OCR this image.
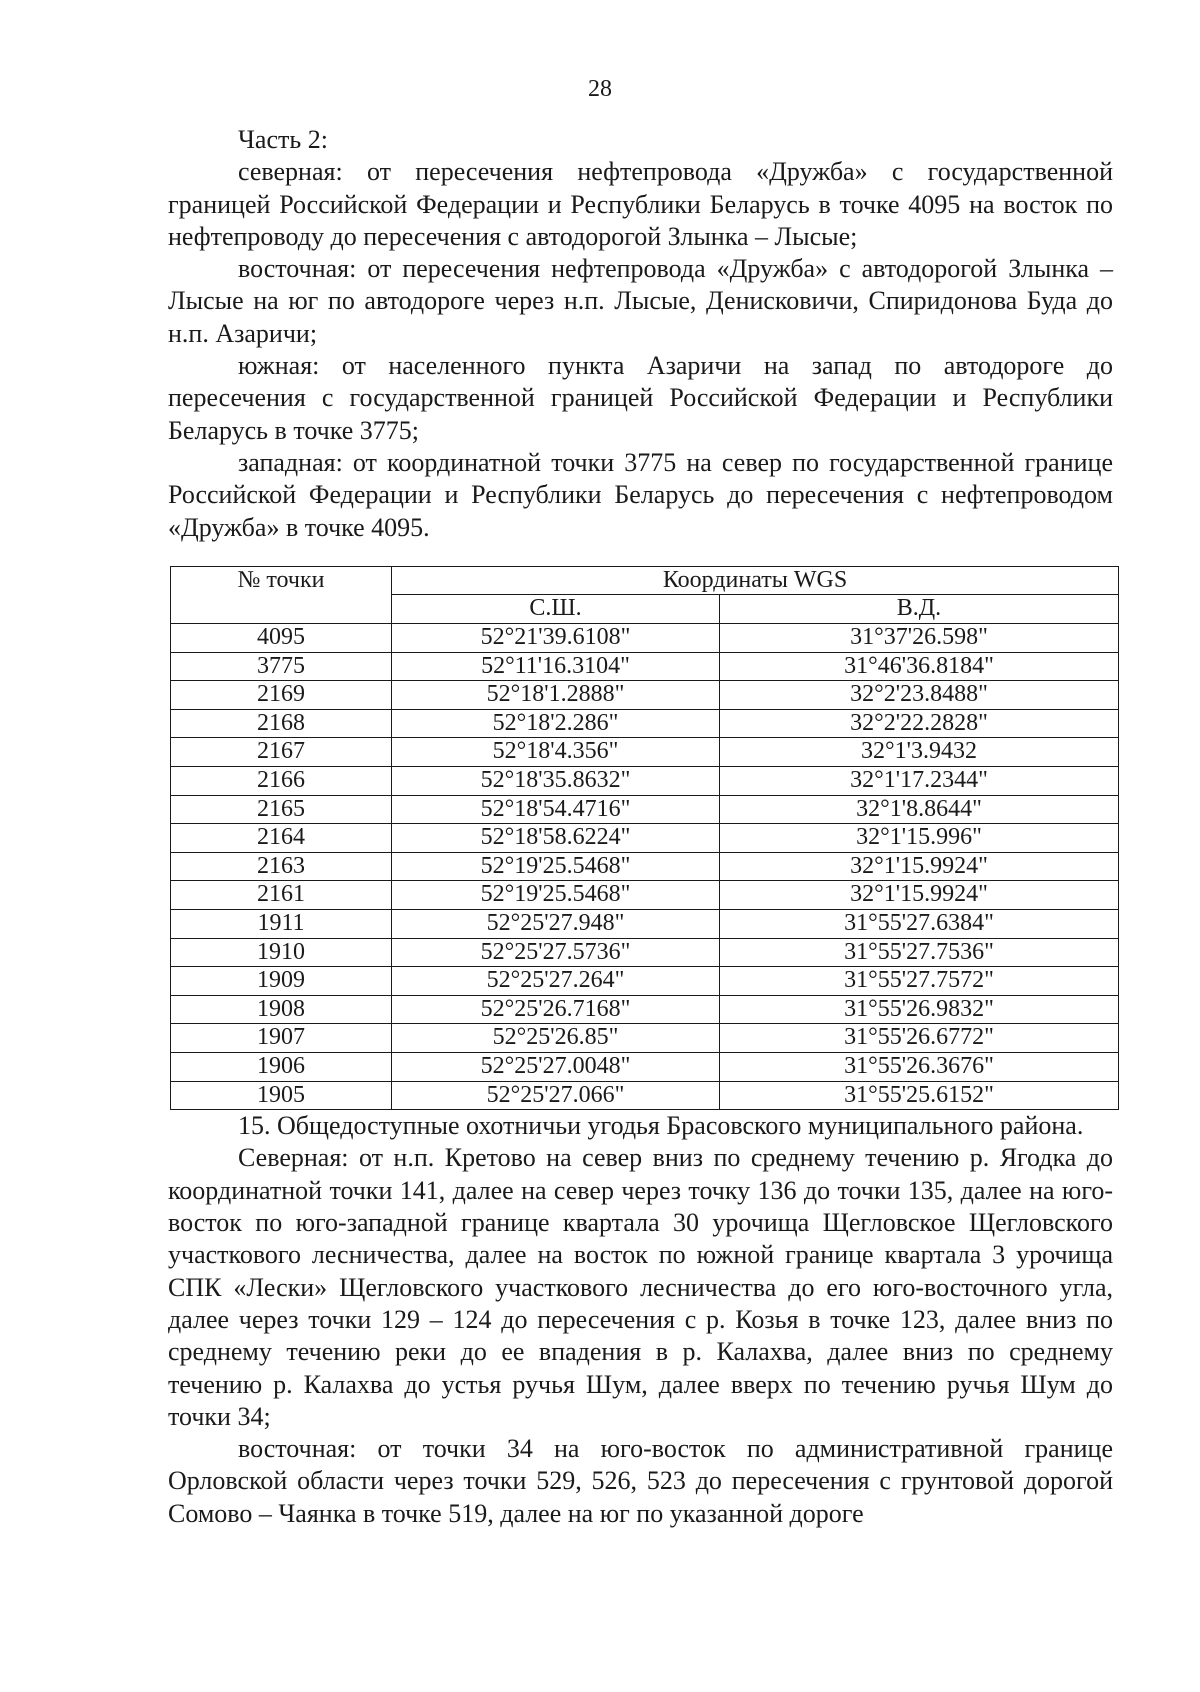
28

Часть 2:

северная: от пересечения нефтепровода «Дружба» с государственной границей Российской Федерации и Республики Беларусь в точке 4095 на восток по нефтепроводу до пересечения с автодорогой Злынка – Лысые;

восточная: от пересечения нефтепровода «Дружба» с автодорогой Злынка – Лысые на юг по автодороге через н.п. Лысые, Денисковичи, Спиридонова Буда до н.п. Азаричи;

южная: от населенного пункта Азаричи на запад по автодороге до пересечения с государственной границей Российской Федерации и Республики Беларусь в точке 3775;

западная: от координатной точки 3775 на север по государственной границе Российской Федерации и Республики Беларусь до пересечения с нефтепроводом «Дружба» в точке 4095.

№ точки	Координаты WGS	
	С.Ш.	В.Д.
4095	52°21'39.6108"	31°37'26.598"
3775	52°11'16.3104"	31°46'36.8184"
2169	52°18'1.2888"	32°2'23.8488"
2168	52°18'2.286"	32°2'22.2828"
2167	52°18'4.356"	32°1'3.9432
2166	52°18'35.8632"	32°1'17.2344"
2165	52°18'54.4716"	32°1'8.8644"
2164	52°18'58.6224"	32°1'15.996"
2163	52°19'25.5468"	32°1'15.9924"
2161	52°19'25.5468"	32°1'15.9924"
1911	52°25'27.948"	31°55'27.6384"
1910	52°25'27.5736"	31°55'27.7536"
1909	52°25'27.264"	31°55'27.7572"
1908	52°25'26.7168"	31°55'26.9832"
1907	52°25'26.85"	31°55'26.6772"
1906	52°25'27.0048"	31°55'26.3676"
1905	52°25'27.066"	31°55'25.6152"

15. Общедоступные охотничьи угодья Брасовского муниципального района.

Северная: от н.п. Кретово на север вниз по среднему течению р. Ягодка до координатной точки 141, далее на север через точку 136 до точки 135, далее на юго-восток по юго-западной границе квартала 30 урочища Щегловское Щегловского участкового лесничества, далее на восток по южной границе квартала 3 урочища СПК «Лески» Щегловского участкового лесничества до его юго-восточного угла, далее через точки 129 – 124 до пересечения с р. Козья в точке 123, далее вниз по среднему течению реки до ее впадения в р. Калахва, далее вниз по среднему течению р. Калахва до устья ручья Шум, далее вверх по течению ручья Шум до точки 34;

восточная: от точки 34 на юго-восток по административной границе Орловской области через точки 529, 526, 523 до пересечения с грунтовой дорогой Сомово – Чаянка в точке 519, далее на юг по указанной дороге
